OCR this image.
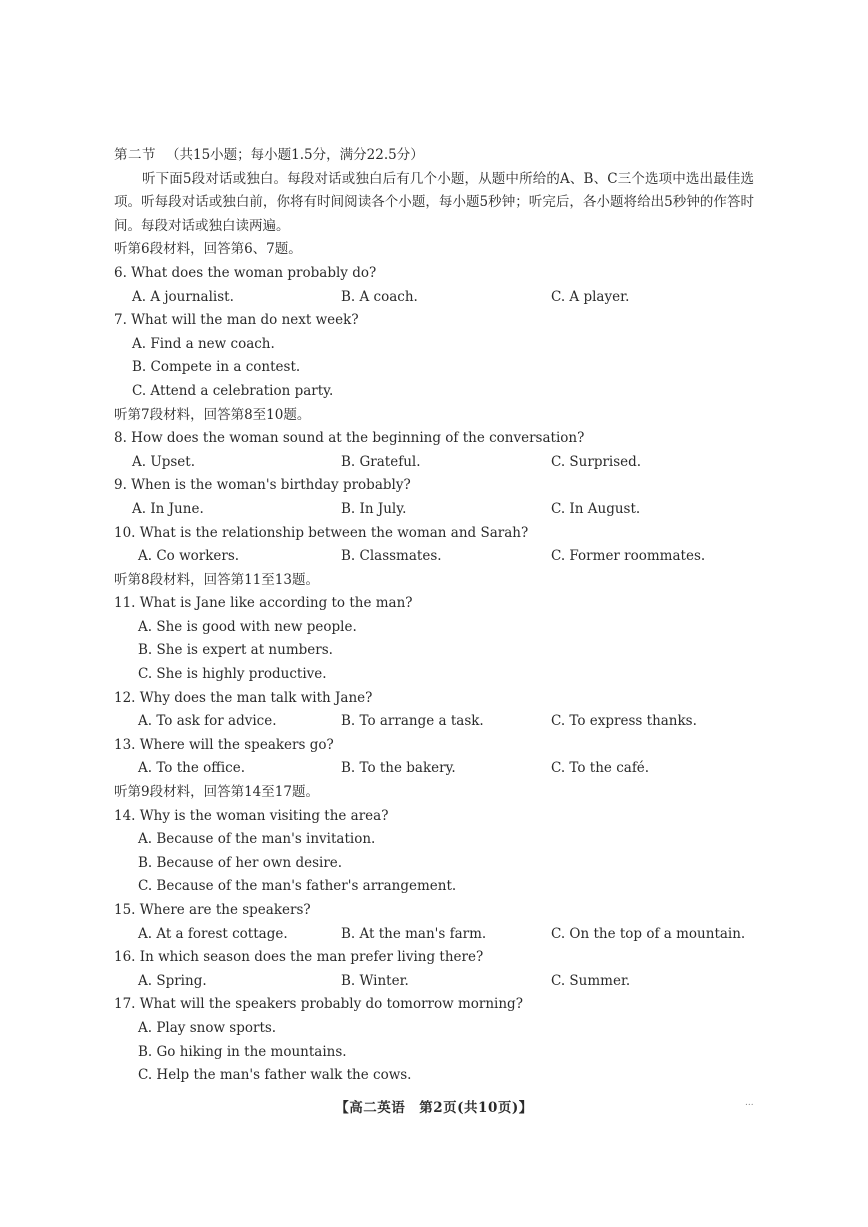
第二节 （共15小题；每小题1.5分，满分22.5分）
听下面5段对话或独白。每段对话或独白后有几个小题，从题中所给的A、B、C三个选项中选出最佳选项。听每段对话或独白前，你将有时间阅读各个小题，每小题5秒钟；听完后，各小题将给出5秒钟的作答时间。每段对话或独白读两遍。
听第6段材料，回答第6、7题。
6. What does the woman probably do?
A. A journalist.	B. A coach.	C. A player.
7. What will the man do next week?
A. Find a new coach.
B. Compete in a contest.
C. Attend a celebration party.
听第7段材料，回答第8至10题。
8. How does the woman sound at the beginning of the conversation?
A. Upset.	B. Grateful.	C. Surprised.
9. When is the woman's birthday probably?
A. In June.	B. In July.	C. In August.
10. What is the relationship between the woman and Sarah?
A. Co workers.	B. Classmates.	C. Former roommates.
听第8段材料，回答第11至13题。
11. What is Jane like according to the man?
A. She is good with new people.
B. She is expert at numbers.
C. She is highly productive.
12. Why does the man talk with Jane?
A. To ask for advice.	B. To arrange a task.	C. To express thanks.
13. Where will the speakers go?
A. To the office.	B. To the bakery.	C. To the café.
听第9段材料，回答第14至17题。
14. Why is the woman visiting the area?
A. Because of the man's invitation.
B. Because of her own desire.
C. Because of the man's father's arrangement.
15. Where are the speakers?
A. At a forest cottage.	B. At the man's farm.	C. On the top of a mountain.
16. In which season does the man prefer living there?
A. Spring.	B. Winter.	C. Summer.
17. What will the speakers probably do tomorrow morning?
A. Play snow sports.
B. Go hiking in the mountains.
C. Help the man's father walk the cows.
【高二英语　第2页(共10页)】	...
